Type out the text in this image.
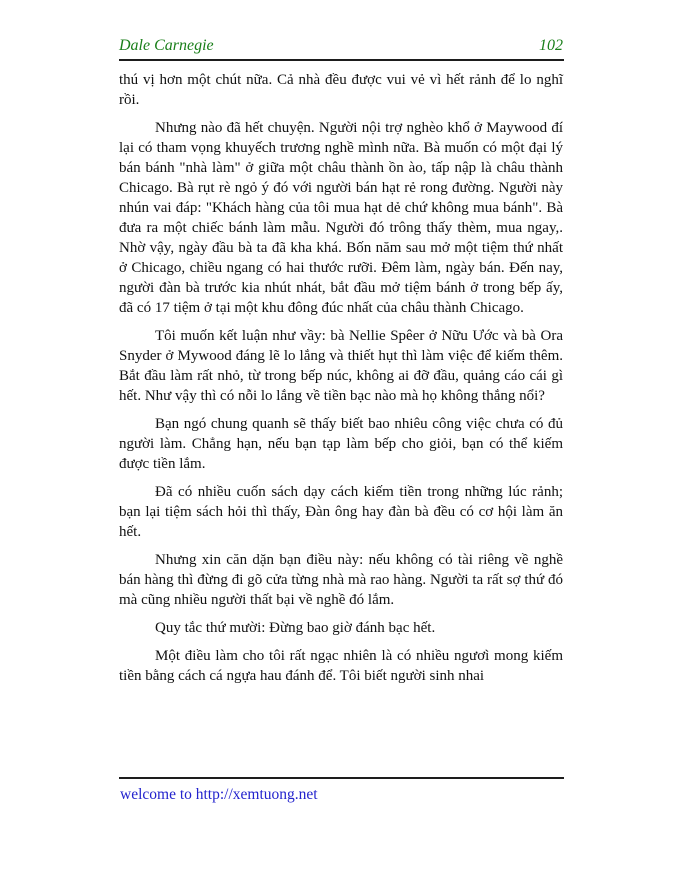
Dale Carnegie	102

thú vị hơn một chút nữa. Cả nhà đều được vui vẻ vì hết rảnh để lo nghĩ rồi.

Nhưng nào đã hết chuyện. Người nội trợ nghèo khổ ở Maywood đí lại có tham vọng khuyếch trương nghề mình nữa. Bà muốn có một đại lý bán bánh "nhà làm" ở giữa một châu thành ồn ào, tấp nập là châu thành Chicago. Bà rụt rè ngỏ ý đó với người bán hạt rẻ rong đường. Người này nhún vai đáp: "Khách hàng của tôi mua hạt dẻ chứ không mua bánh". Bà đưa ra một chiếc bánh làm mẫu. Người đó trông thấy thèm, mua ngay,. Nhờ vậy, ngày đầu bà ta đã kha khá. Bốn năm sau mở một tiệm thứ nhất ở Chicago, chiều ngang có hai thước rưỡi. Đêm làm, ngày bán. Đến nay, người đàn bà trước kia nhút nhát, bắt đầu mở tiệm bánh ở trong bếp ấy, đã có 17 tiệm ở tại một khu đông đúc nhất của châu thành Chicago.

Tôi muốn kết luận như vầy: bà Nellie Spêer ở Nữu Ước và bà Ora Snyder ở Mywood đáng lẽ lo lắng và thiết hụt thì làm việc để kiếm thêm. Bắt đầu làm rất nhỏ, từ trong bếp núc, không ai đỡ đầu, quảng cáo cái gì hết. Như vậy thì có nỗi lo lắng về tiền bạc nào mà họ không thắng nổi?

Bạn ngó chung quanh sẽ thấy biết bao nhiêu công việc chưa có đủ người làm. Chẳng hạn, nếu bạn tạp làm bếp cho giỏi, bạn có thể kiếm được tiền lắm.

Đã có nhiều cuốn sách dạy cách kiếm tiền trong những lúc rảnh; bạn lại tiệm sách hỏi thì thấy, Đàn ông hay đàn bà đều có cơ hội làm ăn hết.

Nhưng xin căn dặn bạn điều này: nếu không có tài riêng về nghề bán hàng thì đừng đi gõ cửa từng nhà mà rao hàng. Người ta rất sợ thứ đó mà cũng nhiều người thất bại về nghề đó lắm.

Quy tắc thứ mười: Đừng bao giờ đánh bạc hết.

Một điều làm cho tôi rất ngạc nhiên là có nhiều ngươì mong kiếm tiền bằng cách cá ngựa hau đánh để. Tôi biết người sinh nhai

welcome to http://xemtuong.net
